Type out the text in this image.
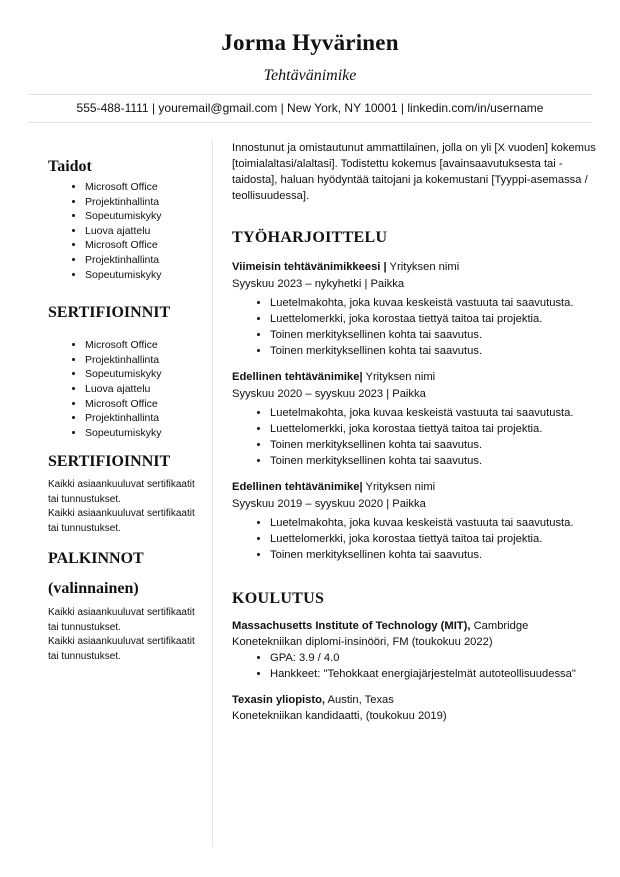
Jorma Hyvärinen
Tehtävänimike
555-488-1111 | youremail@gmail.com | New York, NY 10001 | linkedin.com/in/username
Taidot
• Microsoft Office
• Projektinhallinta
• Sopeutumiskyky
• Luova ajattelu
• Microsoft Office
• Projektinhallinta
• Sopeutumiskyky
SERTIFIOINNIT
• Microsoft Office
• Projektinhallinta
• Sopeutumiskyky
• Luova ajattelu
• Microsoft Office
• Projektinhallinta
• Sopeutumiskyky
SERTIFIOINNIT

Kaikki asiaankuuluvat sertifikaatit tai tunnustukset.

Kaikki asiaankuuluvat sertifikaatit tai tunnustukset.

PALKINNOT
(valinnainen)

Kaikki asiaankuuluvat sertifikaatit tai tunnustukset.

Kaikki asiaankuuluvat sertifikaatit tai tunnustukset.

Innostunut ja omistautunut ammattilainen, jolla on yli [X vuoden] kokemus [toimialaltasi/alaltasi]. Todistettu kokemus [avainsaavutuksesta tai -taidosta], haluan hyödyntää taitojani ja kokemustani [Tyyppi-asemassa / teollisuudessa].

TYÖHARJOITTELU

Viimeisin tehtävänimikkeesi | Yrityksen nimi

Syyskuu 2023 – nykyhetki | Paikka

• Luetelmakohta, joka kuvaa keskeistä vastuuta tai saavutusta.
• Luettelomerkki, joka korostaa tiettyä taitoa tai projektia.
• Toinen merkityksellinen kohta tai saavutus.
• Toinen merkityksellinen kohta tai saavutus.

Edellinen tehtävänimike| Yrityksen nimi

Syyskuu 2020 – syyskuu 2023 | Paikka

• Luetelmakohta, joka kuvaa keskeistä vastuuta tai saavutusta.
• Luettelomerkki, joka korostaa tiettyä taitoa tai projektia.
• Toinen merkityksellinen kohta tai saavutus.
• Toinen merkityksellinen kohta tai saavutus.

Edellinen tehtävänimike| Yrityksen nimi

Syyskuu 2019 – syyskuu 2020 | Paikka

• Luetelmakohta, joka kuvaa keskeistä vastuuta tai saavutusta.
• Luettelomerkki, joka korostaa tiettyä taitoa tai projektia.
• Toinen merkityksellinen kohta tai saavutus.
KOULUTUS

Massachusetts Institute of Technology (MIT), Cambridge

Konetekniikan diplomi-insinööri, FM (toukokuu 2022)

• GPA: 3.9 / 4.0
• Hankkeet: "Tehokkaat energiajärjestelmät autoteollisuudessa"

Texasin yliopisto, Austin, Texas

Konetekniikan kandidaatti, (toukokuu 2019)
